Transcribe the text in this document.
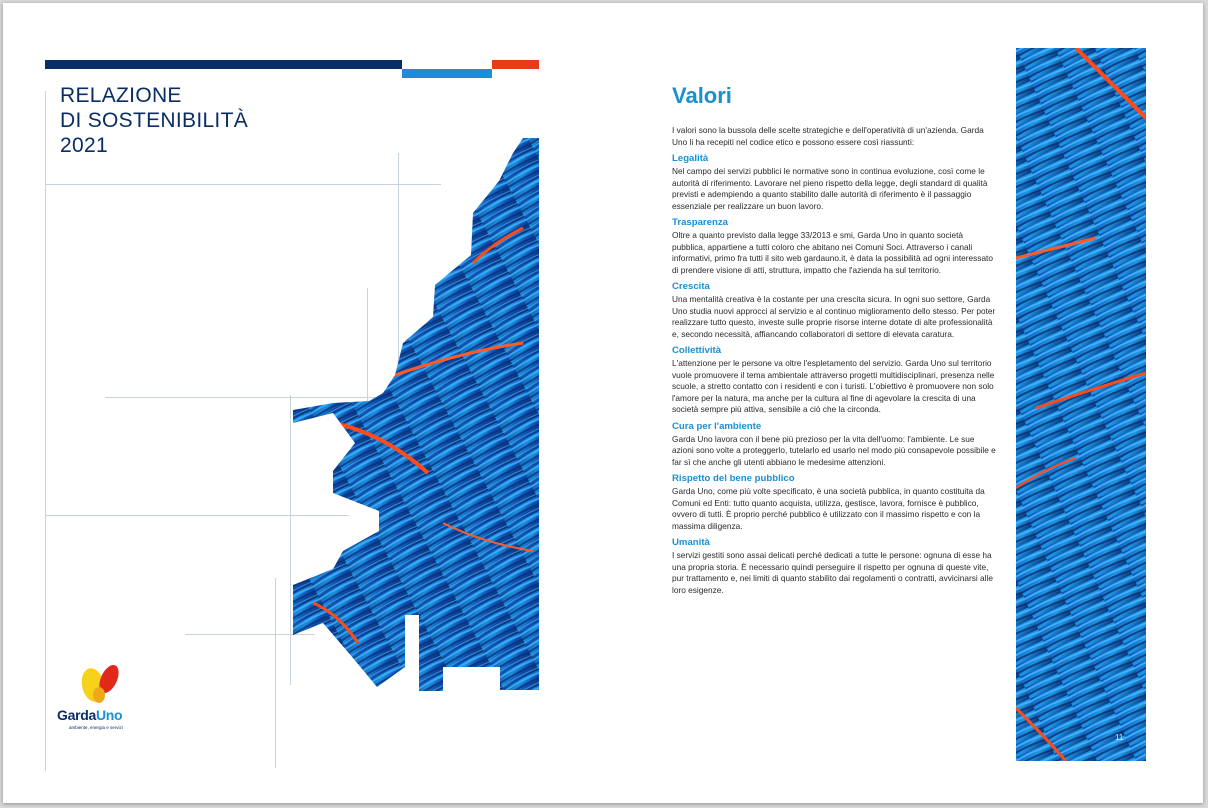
RELAZIONE
DI SOSTENIBILITÀ
2021
GardaUno
ambiente, energia e servizi
Valori

I valori sono la bussola delle scelte strategiche e dell'operatività di un'azienda. Garda Uno li ha recepiti nel codice etico e possono essere così riassunti:

Legalità

Nel campo dei servizi pubblici le normative sono in continua evoluzione, così come le autorità di riferimento. Lavorare nel pieno rispetto della legge, degli standard di qualità previsti e adempiendo a quanto stabilito dalle autorità di riferimento è il passaggio essenziale per realizzare un buon lavoro.

Trasparenza

Oltre a quanto previsto dalla legge 33/2013 e smi, Garda Uno in quanto società pubblica, appartiene a tutti coloro che abitano nei Comuni Soci. Attraverso i canali informativi, primo fra tutti il sito web gardauno.it, è data la possibilità ad ogni interessato di prendere visione di atti, struttura, impatto che l'azienda ha sul territorio.

Crescita

Una mentalità creativa è la costante per una crescita sicura. In ogni suo settore, Garda Uno studia nuovi approcci al servizio e al continuo miglioramento dello stesso. Per poter realizzare tutto questo, investe sulle proprie risorse interne dotate di alte professionalità e, secondo necessità, affiancando collaboratori di settore di elevata caratura.

Collettività

L'attenzione per le persone va oltre l'espletamento del servizio. Garda Uno sul territorio vuole promuovere il tema ambientale attraverso progetti multidisciplinari, presenza nelle scuole, a stretto contatto con i residenti e con i turisti. L'obiettivo è promuovere non solo l'amore per la natura, ma anche per la cultura al fine di agevolare la crescita di una società sempre più attiva, sensibile a ciò che la circonda.

Cura per l'ambiente

Garda Uno lavora con il bene più prezioso per la vita dell'uomo: l'ambiente. Le sue azioni sono volte a proteggerlo, tutelarlo ed usarlo nel modo più consapevole possibile e far sì che anche gli utenti abbiano le medesime attenzioni.

Rispetto del bene pubblico

Garda Uno, come più volte specificato, è una società pubblica, in quanto costituita da Comuni ed Enti: tutto quanto acquista, utilizza, gestisce, lavora, fornisce è pubblico, ovvero di tutti. È proprio perché pubblico è utilizzato con il massimo rispetto e con la massima diligenza.

Umanità

I servizi gestiti sono assai delicati perché dedicati a tutte le persone: ognuna di esse ha una propria storia. È necessario quindi perseguire il rispetto per ognuna di queste vite, pur trattamento e, nei limiti di quanto stabilito dai regolamenti o contratti, avvicinarsi alle loro esigenze.

11
